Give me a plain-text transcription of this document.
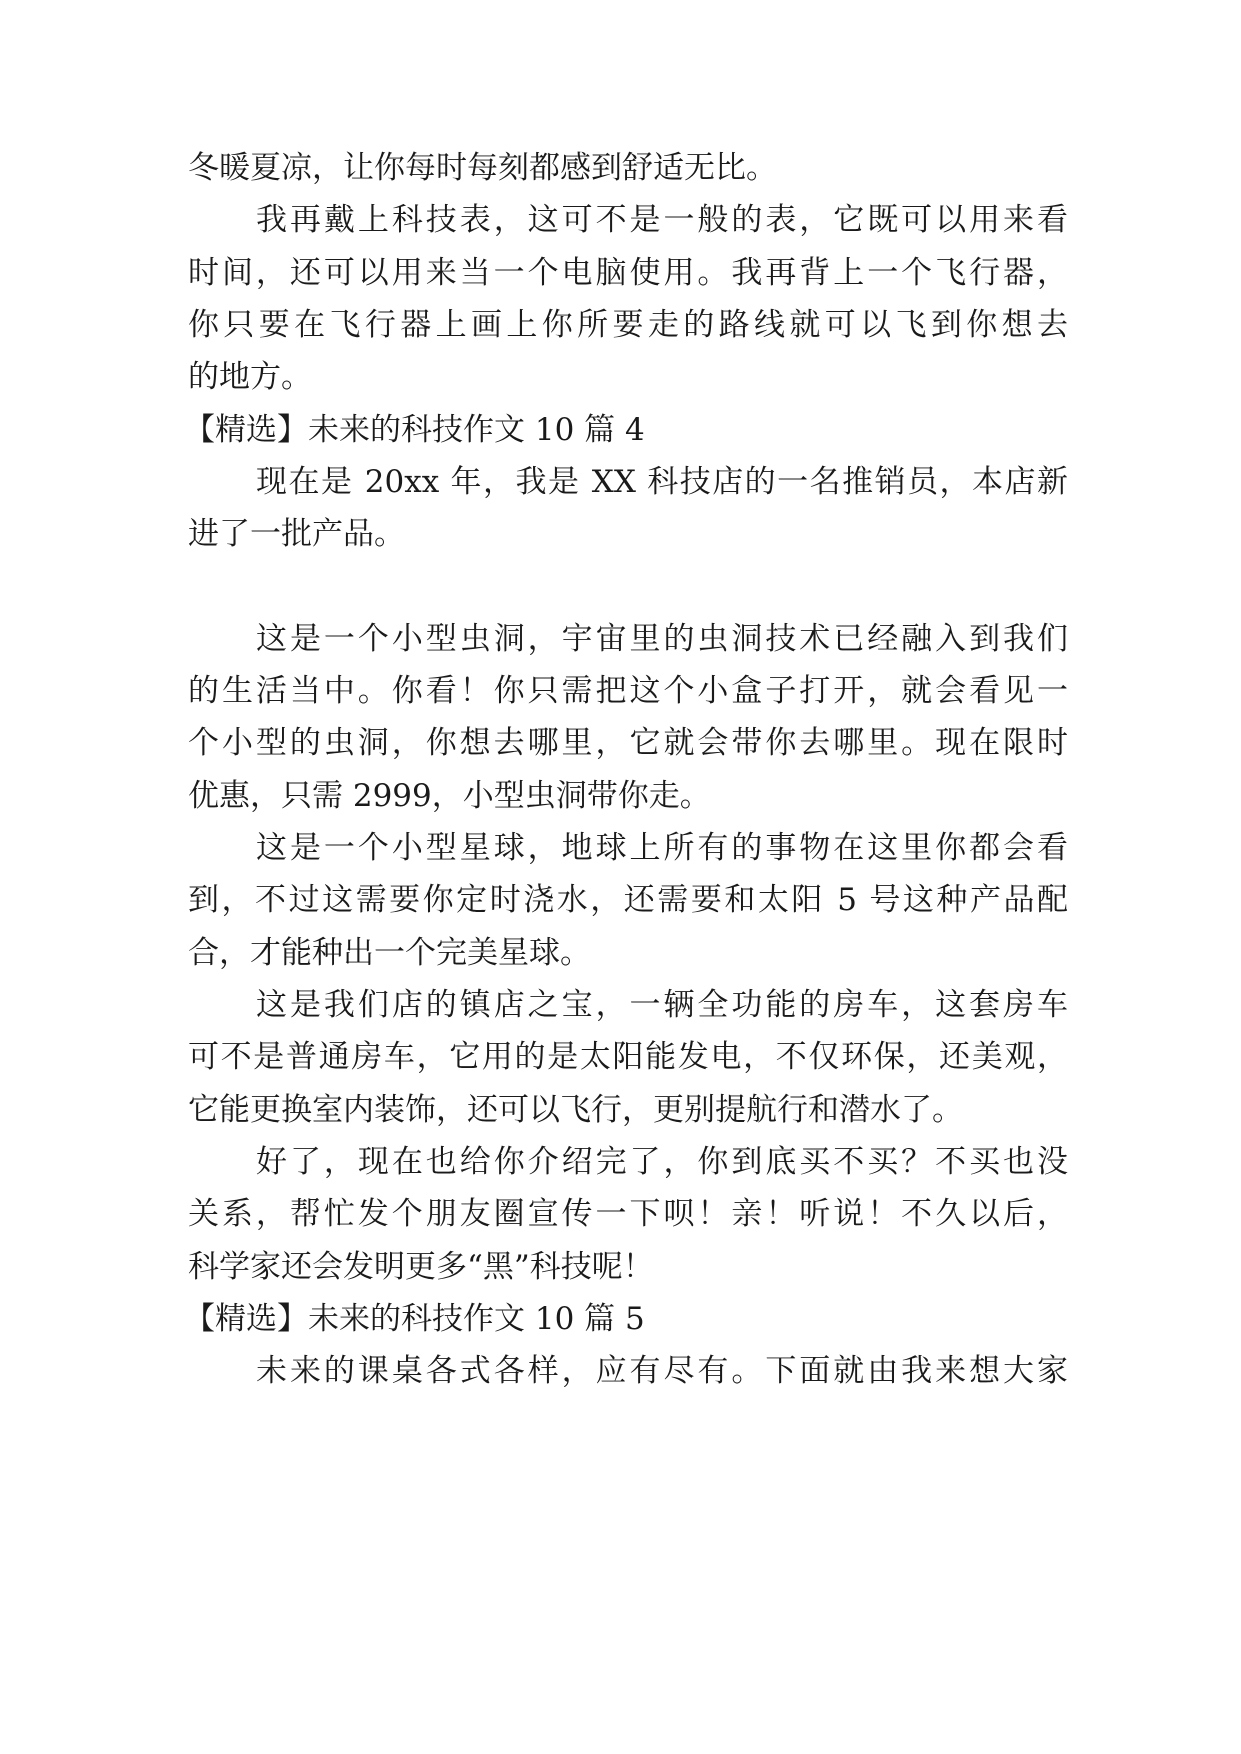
冬暖夏凉，让你每时每刻都感到舒适无比。
我再戴上科技表，这可不是一般的表，它既可以用来看
时间，还可以用来当一个电脑使用。我再背上一个飞行器，
你只要在飞行器上画上你所要走的路线就可以飞到你想去
的地方。
【精选】未来的科技作文 10 篇 4
现在是 20xx 年，我是 XX 科技店的一名推销员，本店新
进了一批产品。
这是一个小型虫洞，宇宙里的虫洞技术已经融入到我们
的生活当中。你看！你只需把这个小盒子打开，就会看见一
个小型的虫洞，你想去哪里，它就会带你去哪里。现在限时
优惠，只需 2999，小型虫洞带你走。
这是一个小型星球，地球上所有的事物在这里你都会看
到，不过这需要你定时浇水，还需要和太阳 5 号这种产品配
合，才能种出一个完美星球。
这是我们店的镇店之宝，一辆全功能的房车，这套房车
可不是普通房车，它用的是太阳能发电，不仅环保，还美观，
它能更换室内装饰，还可以飞行，更别提航行和潜水了。
好了，现在也给你介绍完了，你到底买不买？不买也没
关系，帮忙发个朋友圈宣传一下呗！亲！听说！不久以后，
科学家还会发明更多“黑”科技呢！
【精选】未来的科技作文 10 篇 5
未来的课桌各式各样，应有尽有。下面就由我来想大家
